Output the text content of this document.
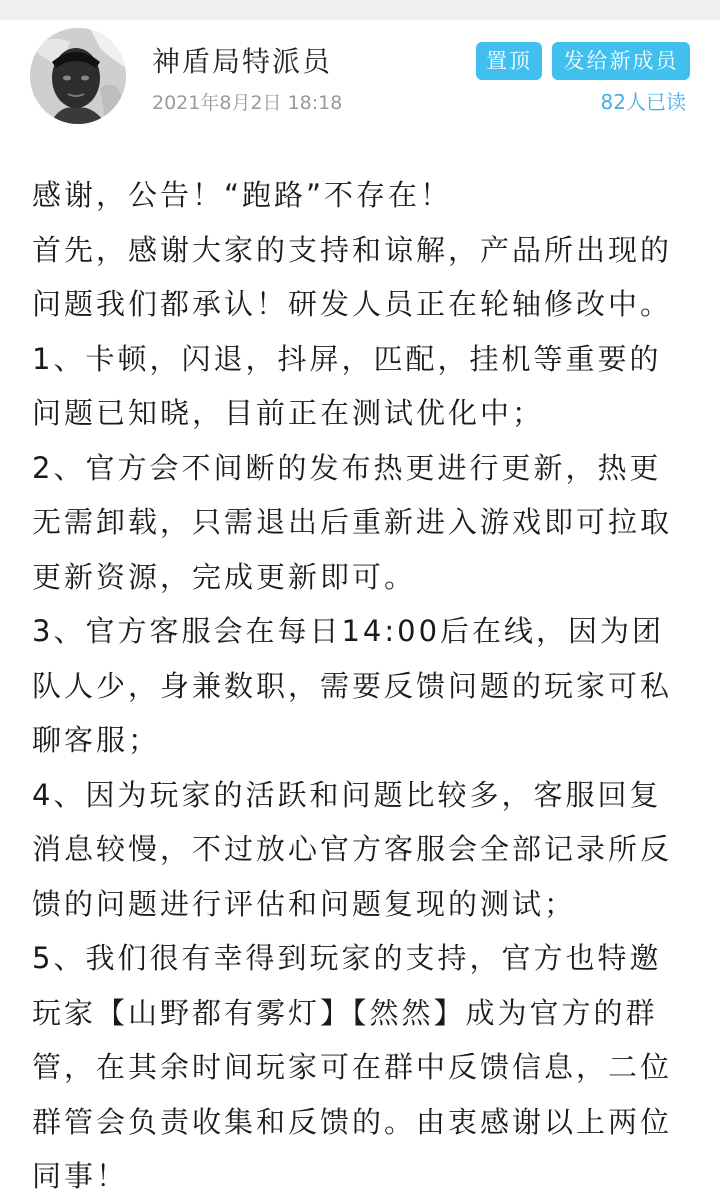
神盾局特派员
2021年8月2日 18:18
置顶	发给新成员
82人已读

感谢，公告！“跑路”不存在！

首先，感谢大家的支持和谅解，产品所出现的问题我们都承认！研发人员正在轮轴修改中。

1、卡顿，闪退，抖屏，匹配，挂机等重要的问题已知晓，目前正在测试优化中；

2、官方会不间断的发布热更进行更新，热更无需卸载，只需退出后重新进入游戏即可拉取更新资源，完成更新即可。

3、官方客服会在每日14:00后在线，因为团队人少，身兼数职，需要反馈问题的玩家可私聊客服；

4、因为玩家的活跃和问题比较多，客服回复消息较慢，不过放心官方客服会全部记录所反馈的问题进行评估和问题复现的测试；

5、我们很有幸得到玩家的支持，官方也特邀玩家【山野都有雾灯】【然然】成为官方的群管，在其余时间玩家可在群中反馈信息，二位群管会负责收集和反馈的。由衷感谢以上两位同事！
